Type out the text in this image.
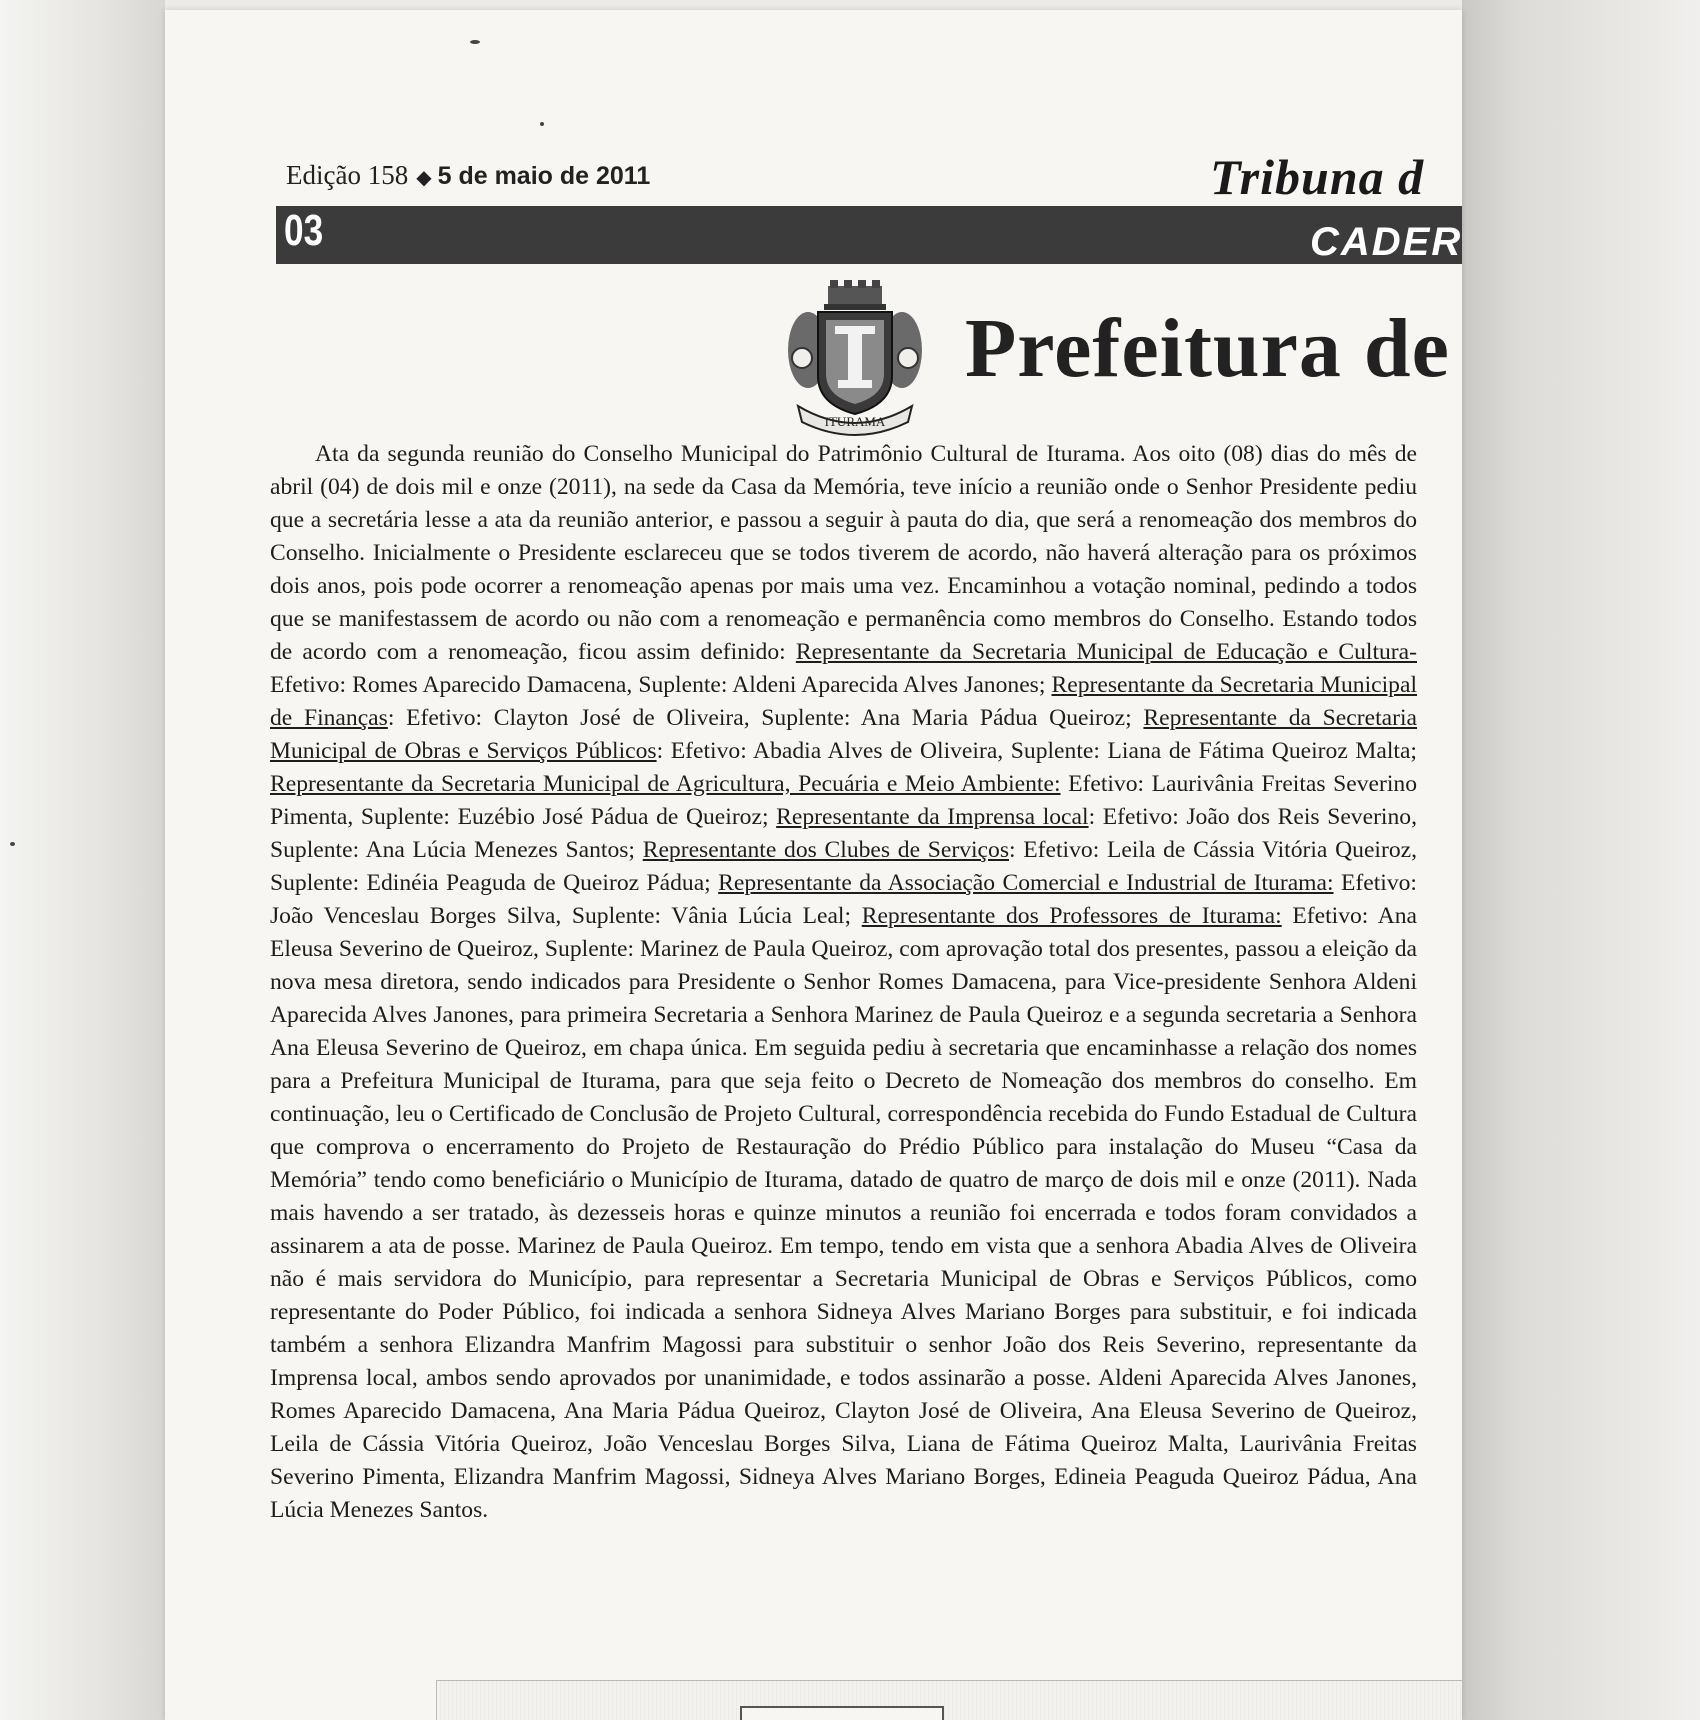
Edição 158 ◆ 5 de maio de 2011	Tribuna d
03	CADER
ITURAMA
Prefeitura de
Ata da segunda reunião do Conselho Municipal do Patrimônio Cultural de Iturama. Aos oito (08) dias do mês de abril (04) de dois mil e onze (2011), na sede da Casa da Memória, teve início a reunião onde o Senhor Presidente pediu que a secretária lesse a ata da reunião anterior, e passou a seguir à pauta do dia, que será a renomeação dos membros do Conselho. Inicialmente o Presidente esclareceu que se todos tiverem de acordo, não haverá alteração para os próximos dois anos, pois pode ocorrer a renomeação apenas por mais uma vez. Encaminhou a votação nominal, pedindo a todos que se manifestassem de acordo ou não com a renomeação e permanência como membros do Conselho. Estando todos de acordo com a renomeação, ficou assim definido: Representante da Secretaria Municipal de Educação e Cultura- Efetivo: Romes Aparecido Damacena, Suplente: Aldeni Aparecida Alves Janones; Representante da Secretaria Municipal de Finanças: Efetivo: Clayton José de Oliveira, Suplente: Ana Maria Pádua Queiroz; Representante da Secretaria Municipal de Obras e Serviços Públicos: Efetivo: Abadia Alves de Oliveira, Suplente: Liana de Fátima Queiroz Malta; Representante da Secretaria Municipal de Agricultura, Pecuária e Meio Ambiente: Efetivo: Laurivânia Freitas Severino Pimenta, Suplente: Euzébio José Pádua de Queiroz; Representante da Imprensa local: Efetivo: João dos Reis Severino, Suplente: Ana Lúcia Menezes Santos; Representante dos Clubes de Serviços: Efetivo: Leila de Cássia Vitória Queiroz, Suplente: Edinéia Peaguda de Queiroz Pádua; Representante da Associação Comercial e Industrial de Iturama: Efetivo: João Venceslau Borges Silva, Suplente: Vânia Lúcia Leal; Representante dos Professores de Iturama: Efetivo: Ana Eleusa Severino de Queiroz, Suplente: Marinez de Paula Queiroz, com aprovação total dos presentes, passou a eleição da nova mesa diretora, sendo indicados para Presidente o Senhor Romes Damacena, para Vice-presidente Senhora Aldeni Aparecida Alves Janones, para primeira Secretaria a Senhora Marinez de Paula Queiroz e a segunda secretaria a Senhora Ana Eleusa Severino de Queiroz, em chapa única. Em seguida pediu à secretaria que encaminhasse a relação dos nomes para a Prefeitura Municipal de Iturama, para que seja feito o Decreto de Nomeação dos membros do conselho. Em continuação, leu o Certificado de Conclusão de Projeto Cultural, correspondência recebida do Fundo Estadual de Cultura que comprova o encerramento do Projeto de Restauração do Prédio Público para instalação do Museu “Casa da Memória” tendo como beneficiário o Município de Iturama, datado de quatro de março de dois mil e onze (2011). Nada mais havendo a ser tratado, às dezesseis horas e quinze minutos a reunião foi encerrada e todos foram convidados a assinarem a ata de posse. Marinez de Paula Queiroz. Em tempo, tendo em vista que a senhora Abadia Alves de Oliveira não é mais servidora do Município, para representar a Secretaria Municipal de Obras e Serviços Públicos, como representante do Poder Público, foi indicada a senhora Sidneya Alves Mariano Borges para substituir, e foi indicada também a senhora Elizandra Manfrim Magossi para substituir o senhor João dos Reis Severino, representante da Imprensa local, ambos sendo aprovados por unanimidade, e todos assinarão a posse. Aldeni Aparecida Alves Janones, Romes Aparecido Damacena, Ana Maria Pádua Queiroz, Clayton José de Oliveira, Ana Eleusa Severino de Queiroz, Leila de Cássia Vitória Queiroz, João Venceslau Borges Silva, Liana de Fátima Queiroz Malta, Laurivânia Freitas Severino Pimenta, Elizandra Manfrim Magossi, Sidneya Alves Mariano Borges, Edineia Peaguda Queiroz Pádua, Ana Lúcia Menezes Santos.
